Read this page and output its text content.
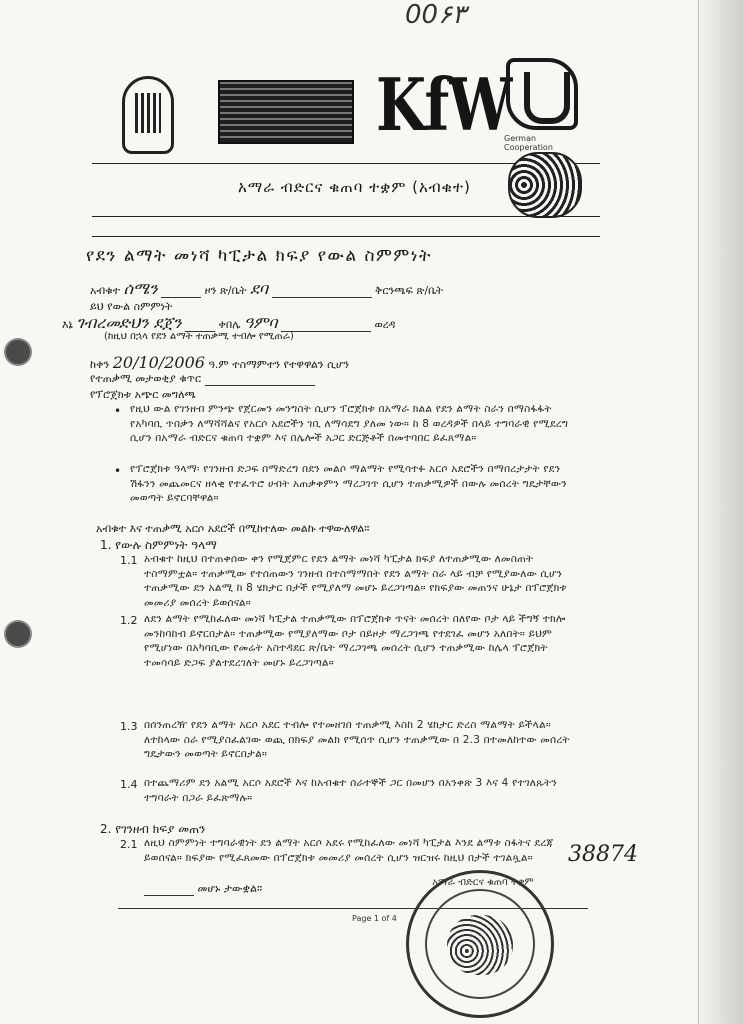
00۶۳
KfW
German Cooperation
አማራ ብድርና ቁጠባ ተቋም (አብቁተ)
የደን ልማት መነሻ ካፒታል ክፍያ የውል ስምምነት
አብቁተ ሰሜን	ዞን ጽ/ቤት ደባ	ቅርንጫፍ ጽ/ቤት
ይህ የውል ስምምነት
እኔ ገብረመድህን ደጀን	ቀበሌ ዓምባ	ወረዳ
(ከዚህ በኋላ የደን ልማት ተጠቃሚ ተብሎ የሚጠራ)
ከቀን 20/10/2006 ዓ.ም ተስማምተን የተዋዋልን ሲሆን
የተጠቃሚ መታወቂያ ቁጥር
የፕሮጀክቱ አጭር መግለጫ
• የዚህ ውል የገንዘብ ምንጭ የጀርመን መንግስት ሲሆን ፕሮጀክቱ በአማራ ክልል የደን ልማት ስራን በማስፋፋት የአካባቢ ጥበቃን ለማሻሻልና የአርሶ አደሮችን ገቢ ለማሳደግ ያለመ ነው። ከ 8 ወረዳዎች በላይ ተግባራዊ የሚደረግ ሲሆን በአማራ ብድርና ቁጠባ ተቋም እና በሌሎች አጋር ድርጅቶች በመተባበር ይፈጸማል።
• የፕሮጀክቱ ዓላማ፡ የገንዘብ ድጋፍ በማድረግ በደን መልሶ ማልማት የሚሳተፉ አርሶ አደሮችን በማበረታታት የደን ሽፋንን መጨመርና ዘላቂ የተፈጥሮ ሀብት አጠቃቀምን ማረጋገጥ ሲሆን ተጠቃሚዎች በውሉ መሰረት ግዴታቸውን መወጣት ይኖርባቸዋል።
አብቁተ እና ተጠቃሚ አርሶ አደሮች በሚከተለው መልኩ ተዋውለዋል።
1. የውሉ ስምምነት ዓላማ
1.1 አብቁተ ከዚህ በተጠቀሰው ቀን የሚጀምር የደን ልማት መነሻ ካፒታል ክፍያ ለተጠቃሚው ለመስጠት ተስማምቷል። ተጠቃሚው የተሰጠውን ገንዘብ በተስማማበት የደን ልማት ስራ ላይ ብቻ የሚያውለው ሲሆን ተጠቃሚው ደን አልሚ ከ 8 ሄክታር በታች የሚያለማ መሆኑ ይረጋገጣል። የክፍያው መጠንና ሁኔታ በፕሮጀክቱ መመሪያ መሰረት ይወሰናል።
1.2 ለደን ልማት የሚከፈለው መነሻ ካፒታል ተጠቃሚው በፕሮጀክቱ ጥናት መሰረት በለየው ቦታ ላይ ችግኝ ተክሎ መንከባከብ ይኖርበታል። ተጠቃሚው የሚያለማው ቦታ በይዞታ ማረጋገጫ የተደገፈ መሆን አለበት። ይህም የሚሆነው በአካባቢው የመሬት አስተዳደር ጽ/ቤት ማረጋገጫ መሰረት ሲሆን ተጠቃሚው ከሌላ ፕሮጀክት ተመሳሳይ ድጋፍ ያልተደረገለት መሆኑ ይረጋገጣል።
1.3 በሰንጠረዥ የደን ልማት አርሶ አደር ተብሎ የተመዘገበ ተጠቃሚ እስከ 2 ሄክታር ድረስ ማልማት ይችላል። ለተከላው ስራ የሚያስፈልገው ወጪ በክፍያ መልክ የሚሰጥ ሲሆን ተጠቃሚው በ 2.3 በተመለከተው መሰረት ግዴታውን መወጣት ይኖርበታል።
1.4 በተጨማሪም ደን አልሚ አርሶ አደሮች እና ከአብቁተ ሰራተኞች ጋር በመሆን በአንቀጽ 3 እና 4 የተገለጹትን ተግባራት በጋራ ይፈጽማሉ።
2. የገንዘብ ክፍያ መጠን
2.1 ለዚህ ስምምነት ተግባራዊነት ደን ልማት አርሶ አደሩ የሚከፈለው መነሻ ካፒታል እንደ ልማቱ ስፋትና ደረጃ ይወሰናል። ክፍያው የሚፈጸመው በፕሮጀክቱ መመሪያ መሰረት ሲሆን ዝርዝሩ ከዚህ በታች ተገልጿል።
መሆኑ ታውቋል።
38874
Page 1 of 4
አማራ ብድርና ቁጠባ ተቋም
